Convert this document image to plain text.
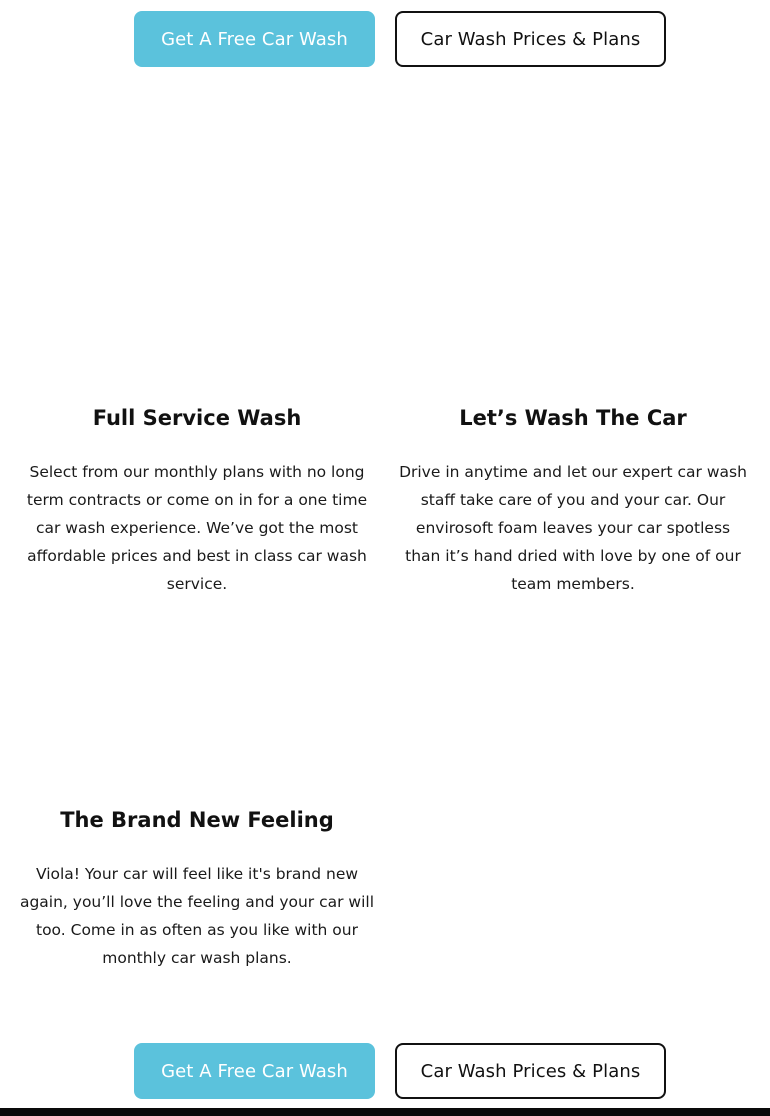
Get A Free Car Wash	Car Wash Prices & Plans
Full Service Wash

Select from our monthly plans with no long term contracts or come on in for a one time car wash experience. We’ve got the most affordable prices and best in class car wash service.

Let’s Wash The Car

Drive in anytime and let our expert car wash staff take care of you and your car. Our envirosoft foam leaves your car spotless than it’s hand dried with love by one of our team members.

The Brand New Feeling

Viola! Your car will feel like it's brand new again, you’ll love the feeling and your car will too. Come in as often as you like with our monthly car wash plans.

Get A Free Car Wash	Car Wash Prices & Plans
